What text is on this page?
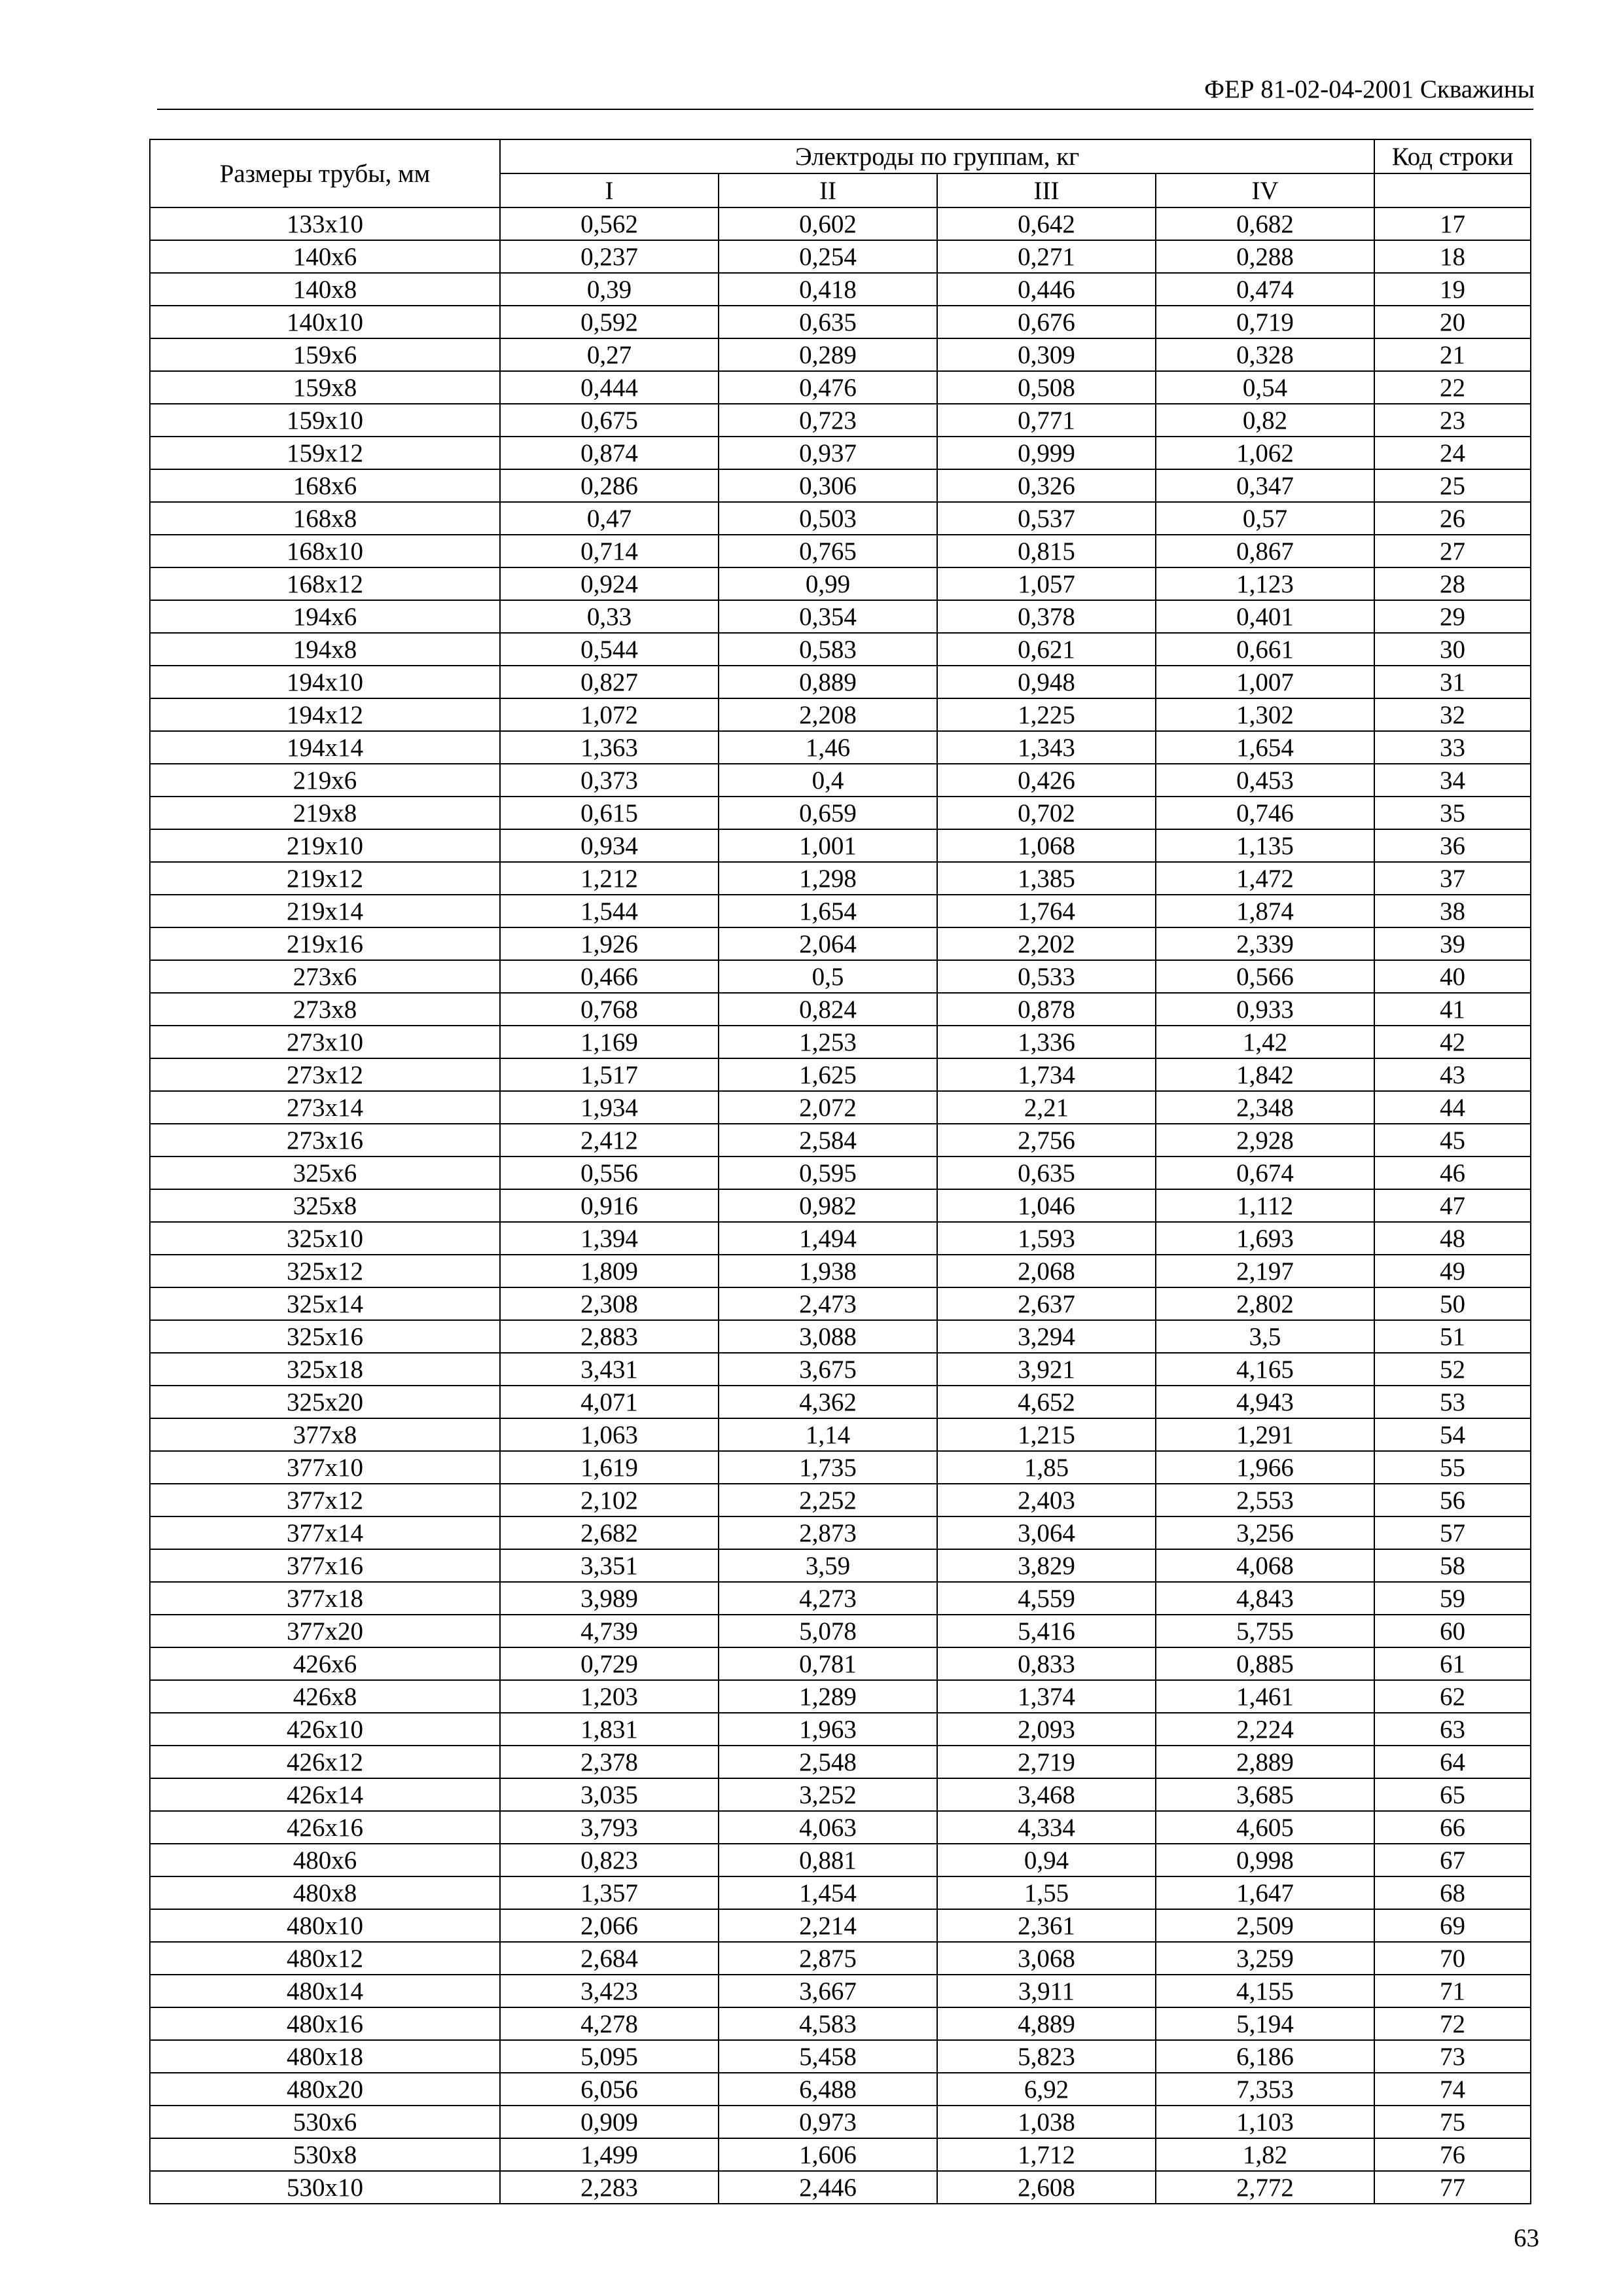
ФЕР 81-02-04-2001 Скважины
Размеры трубы, мм	Электроды по группам, кг				Код строки
	I	II	III	IV	
133x10	0,562	0,602	0,642	0,682	17
140x6	0,237	0,254	0,271	0,288	18
140x8	0,39	0,418	0,446	0,474	19
140x10	0,592	0,635	0,676	0,719	20
159x6	0,27	0,289	0,309	0,328	21
159x8	0,444	0,476	0,508	0,54	22
159x10	0,675	0,723	0,771	0,82	23
159x12	0,874	0,937	0,999	1,062	24
168x6	0,286	0,306	0,326	0,347	25
168x8	0,47	0,503	0,537	0,57	26
168x10	0,714	0,765	0,815	0,867	27
168x12	0,924	0,99	1,057	1,123	28
194x6	0,33	0,354	0,378	0,401	29
194x8	0,544	0,583	0,621	0,661	30
194x10	0,827	0,889	0,948	1,007	31
194x12	1,072	2,208	1,225	1,302	32
194x14	1,363	1,46	1,343	1,654	33
219x6	0,373	0,4	0,426	0,453	34
219x8	0,615	0,659	0,702	0,746	35
219x10	0,934	1,001	1,068	1,135	36
219x12	1,212	1,298	1,385	1,472	37
219x14	1,544	1,654	1,764	1,874	38
219x16	1,926	2,064	2,202	2,339	39
273x6	0,466	0,5	0,533	0,566	40
273x8	0,768	0,824	0,878	0,933	41
273x10	1,169	1,253	1,336	1,42	42
273x12	1,517	1,625	1,734	1,842	43
273x14	1,934	2,072	2,21	2,348	44
273x16	2,412	2,584	2,756	2,928	45
325x6	0,556	0,595	0,635	0,674	46
325x8	0,916	0,982	1,046	1,112	47
325x10	1,394	1,494	1,593	1,693	48
325x12	1,809	1,938	2,068	2,197	49
325x14	2,308	2,473	2,637	2,802	50
325x16	2,883	3,088	3,294	3,5	51
325x18	3,431	3,675	3,921	4,165	52
325x20	4,071	4,362	4,652	4,943	53
377x8	1,063	1,14	1,215	1,291	54
377x10	1,619	1,735	1,85	1,966	55
377x12	2,102	2,252	2,403	2,553	56
377x14	2,682	2,873	3,064	3,256	57
377x16	3,351	3,59	3,829	4,068	58
377x18	3,989	4,273	4,559	4,843	59
377x20	4,739	5,078	5,416	5,755	60
426x6	0,729	0,781	0,833	0,885	61
426x8	1,203	1,289	1,374	1,461	62
426x10	1,831	1,963	2,093	2,224	63
426x12	2,378	2,548	2,719	2,889	64
426x14	3,035	3,252	3,468	3,685	65
426x16	3,793	4,063	4,334	4,605	66
480x6	0,823	0,881	0,94	0,998	67
480x8	1,357	1,454	1,55	1,647	68
480x10	2,066	2,214	2,361	2,509	69
480x12	2,684	2,875	3,068	3,259	70
480x14	3,423	3,667	3,911	4,155	71
480x16	4,278	4,583	4,889	5,194	72
480x18	5,095	5,458	5,823	6,186	73
480x20	6,056	6,488	6,92	7,353	74
530x6	0,909	0,973	1,038	1,103	75
530x8	1,499	1,606	1,712	1,82	76
530x10	2,283	2,446	2,608	2,772	77
63
